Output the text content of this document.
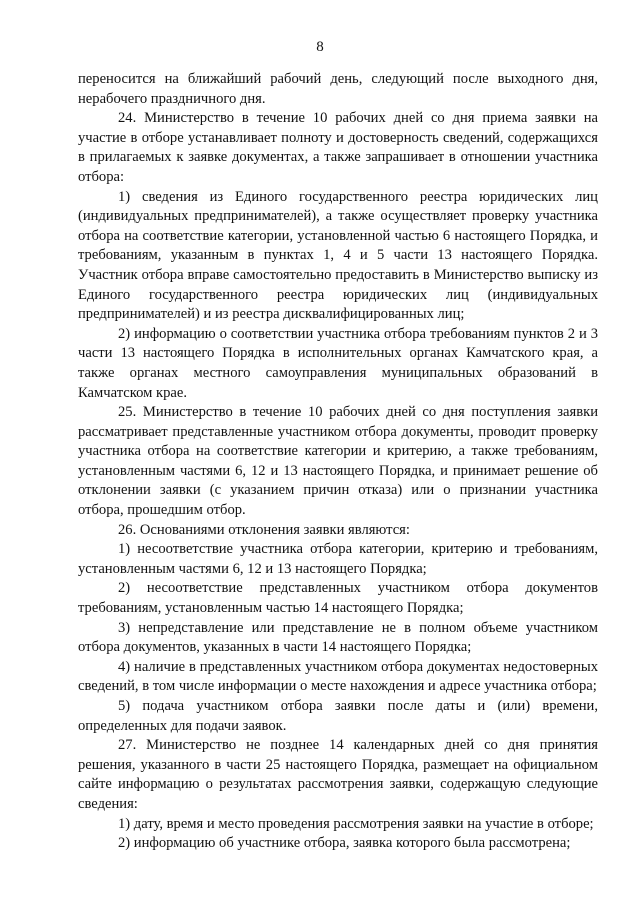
8

переносится на ближайший рабочий день, следующий после выходного дня, нерабочего праздничного дня.

24. Министерство в течение 10 рабочих дней со дня приема заявки на участие в отборе устанавливает полноту и достоверность сведений, содержащихся в прилагаемых к заявке документах, а также запрашивает в отношении участника отбора:

1) сведения из Единого государственного реестра юридических лиц (индивидуальных предпринимателей), а также осуществляет проверку участника отбора на соответствие категории, установленной частью 6 настоящего Порядка, и требованиям, указанным в пунктах 1, 4 и 5 части 13 настоящего Порядка. Участник отбора вправе самостоятельно предоставить в Министерство выписку из Единого государственного реестра юридических лиц (индивидуальных предпринимателей) и из реестра дисквалифицированных лиц;

2) информацию о соответствии участника отбора требованиям пунктов 2 и 3 части 13 настоящего Порядка в исполнительных органах Камчатского края, а также органах местного самоуправления муниципальных образований в Камчатском крае.

25. Министерство в течение 10 рабочих дней со дня поступления заявки рассматривает представленные участником отбора документы, проводит проверку участника отбора на соответствие категории и критерию, а также требованиям, установленным частями 6, 12 и 13 настоящего Порядка, и принимает решение об отклонении заявки (с указанием причин отказа) или о признании участника отбора, прошедшим отбор.

26. Основаниями отклонения заявки являются:

1) несоответствие участника отбора категории, критерию и требованиям, установленным частями 6, 12 и 13 настоящего Порядка;

2) несоответствие представленных участником отбора документов требованиям, установленным частью 14 настоящего Порядка;

3) непредставление или представление не в полном объеме участником отбора документов, указанных в части 14 настоящего Порядка;

4) наличие в представленных участником отбора документах недостоверных сведений, в том числе информации о месте нахождения и адресе участника отбора;

5) подача участником отбора заявки после даты и (или) времени, определенных для подачи заявок.

27. Министерство не позднее 14 календарных дней со дня принятия решения, указанного в части 25 настоящего Порядка, размещает на официальном сайте информацию о результатах рассмотрения заявки, содержащую следующие сведения:

1) дату, время и место проведения рассмотрения заявки на участие в отборе;

2) информацию об участнике отбора, заявка которого была рассмотрена;
